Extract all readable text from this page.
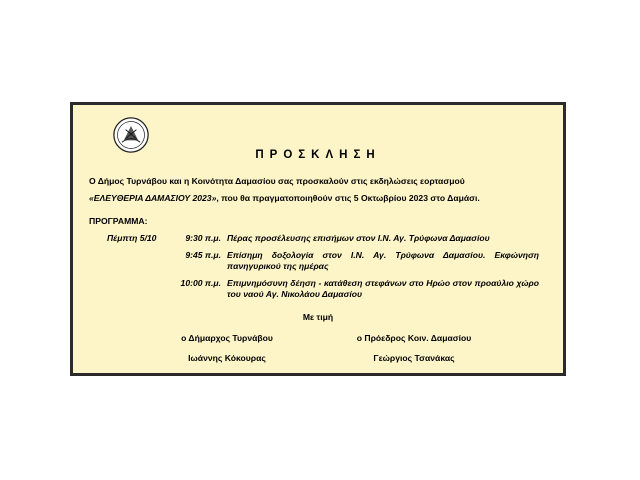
ΠΡΟΣΚΛΗΣΗ
Ο Δήμος Τυρνάβου και η Κοινότητα Δαμασίου σας προσκαλούν στις εκδηλώσεις εορτασμού
«ΕΛΕΥΘΕΡΙΑ ΔΑΜΑΣΙΟΥ 2023», που θα πραγματοποιηθούν στις 5 Οκτωβρίου 2023 στο Δαμάσι.
ΠΡΟΓΡΑΜΜΑ:
Πέμπτη 5/10	9:30 π.μ. Πέρας προσέλευσης επισήμων στον Ι.Ν. Αγ. Τρύφωνα Δαμασίου
9:45 π.μ. Επίσημη δοξολογία στον Ι.Ν. Αγ. Τρύφωνα Δαμασίου. Εκφώνηση πανηγυρικού της ημέρας
10:00 π.μ. Επιμνημόσυνη δέηση - κατάθεση στεφάνων στο Ηρώο στον προαύλιο χώρο του ναού Αγ. Νικολάου Δαμασίου
Με τιμή
ο Δήμαρχος Τυρνάβου
Ιωάννης Κόκουρας
ο Πρόεδρος Κοιν. Δαμασίου
Γεώργιος Τσανάκας
